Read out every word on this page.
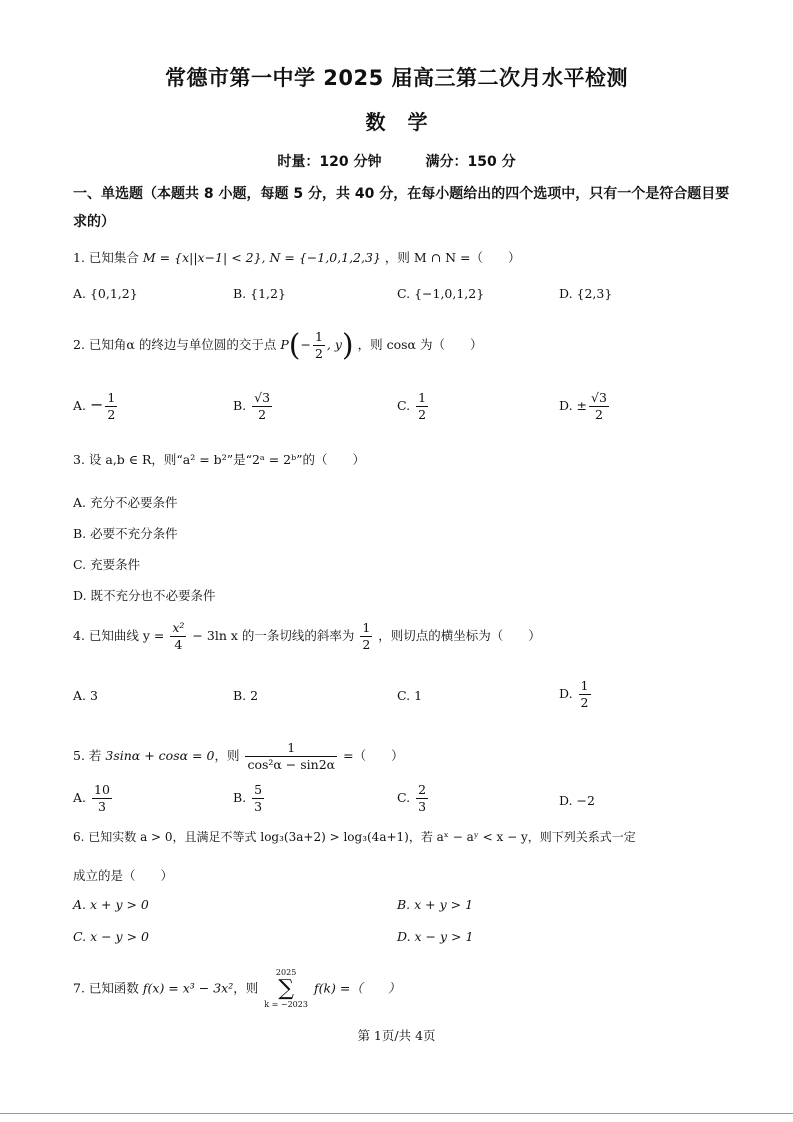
常德市第一中学 2025 届高三第二次月水平检测
数学
时量：120 分钟	满分：150 分
一、单选题（本题共 8 小题，每题 5 分，共 40 分，在每小题给出的四个选项中，只有一个是符合题目要求的）
1. 已知集合 M = {x||x−1| < 2}, N = {−1,0,1,2,3} ，则 M ∩ N =（　　）
A. {0,1,2}	B. {1,2}	C. {−1,0,1,2}	D. {2,3}
2. 已知角α 的终边与单位圆的交于点 $P(- \frac{1}{2}$ , y) ，则 cosα 为（　　）
A. − $\frac{1}{2}$	B. $\frac{√3}{2}$	C. $\frac{1}{2}$	D. ± $\frac{√3}{2}$
3. 设 a,b ∈ R，则“a² = b²”是“2ᵃ = 2ᵇ”的（　　）
A. 充分不必要条件
B. 必要不充分条件
C. 充要条件
D. 既不充分也不必要条件
4. 已知曲线 $y = \frac{\text{x²}}{4} - 3\ln$ x 的一条切线的斜率为 $\frac{1}{2}$ ，则切点的横坐标为（　　）
A. 3	B. 2	C. 1	D. $\frac{1}{2}$
5. 若 3sinα + cosα = 0，则 $\frac{1}{\text{cos²α − sin2α}}$ =（　　）
A. $\frac{10}{3}$	B. $\frac{5}{3}$	C. $\frac{2}{3}$	D. −2
6. 已知实数 a > 0，且满足不等式 log₃(3a+2) > log₃(4a+1)，若 aˣ − aʸ < x − y，则下列关系式一定
成立的是（　　）
A. x + y > 0	B. x + y > 1
C. x − y > 0	D. x − y > 1
7. 已知函数 f(x) = x³ − 3x²，则
2025
∑
k = −2023
f(k) =（　　）
第 1页/共 4页
